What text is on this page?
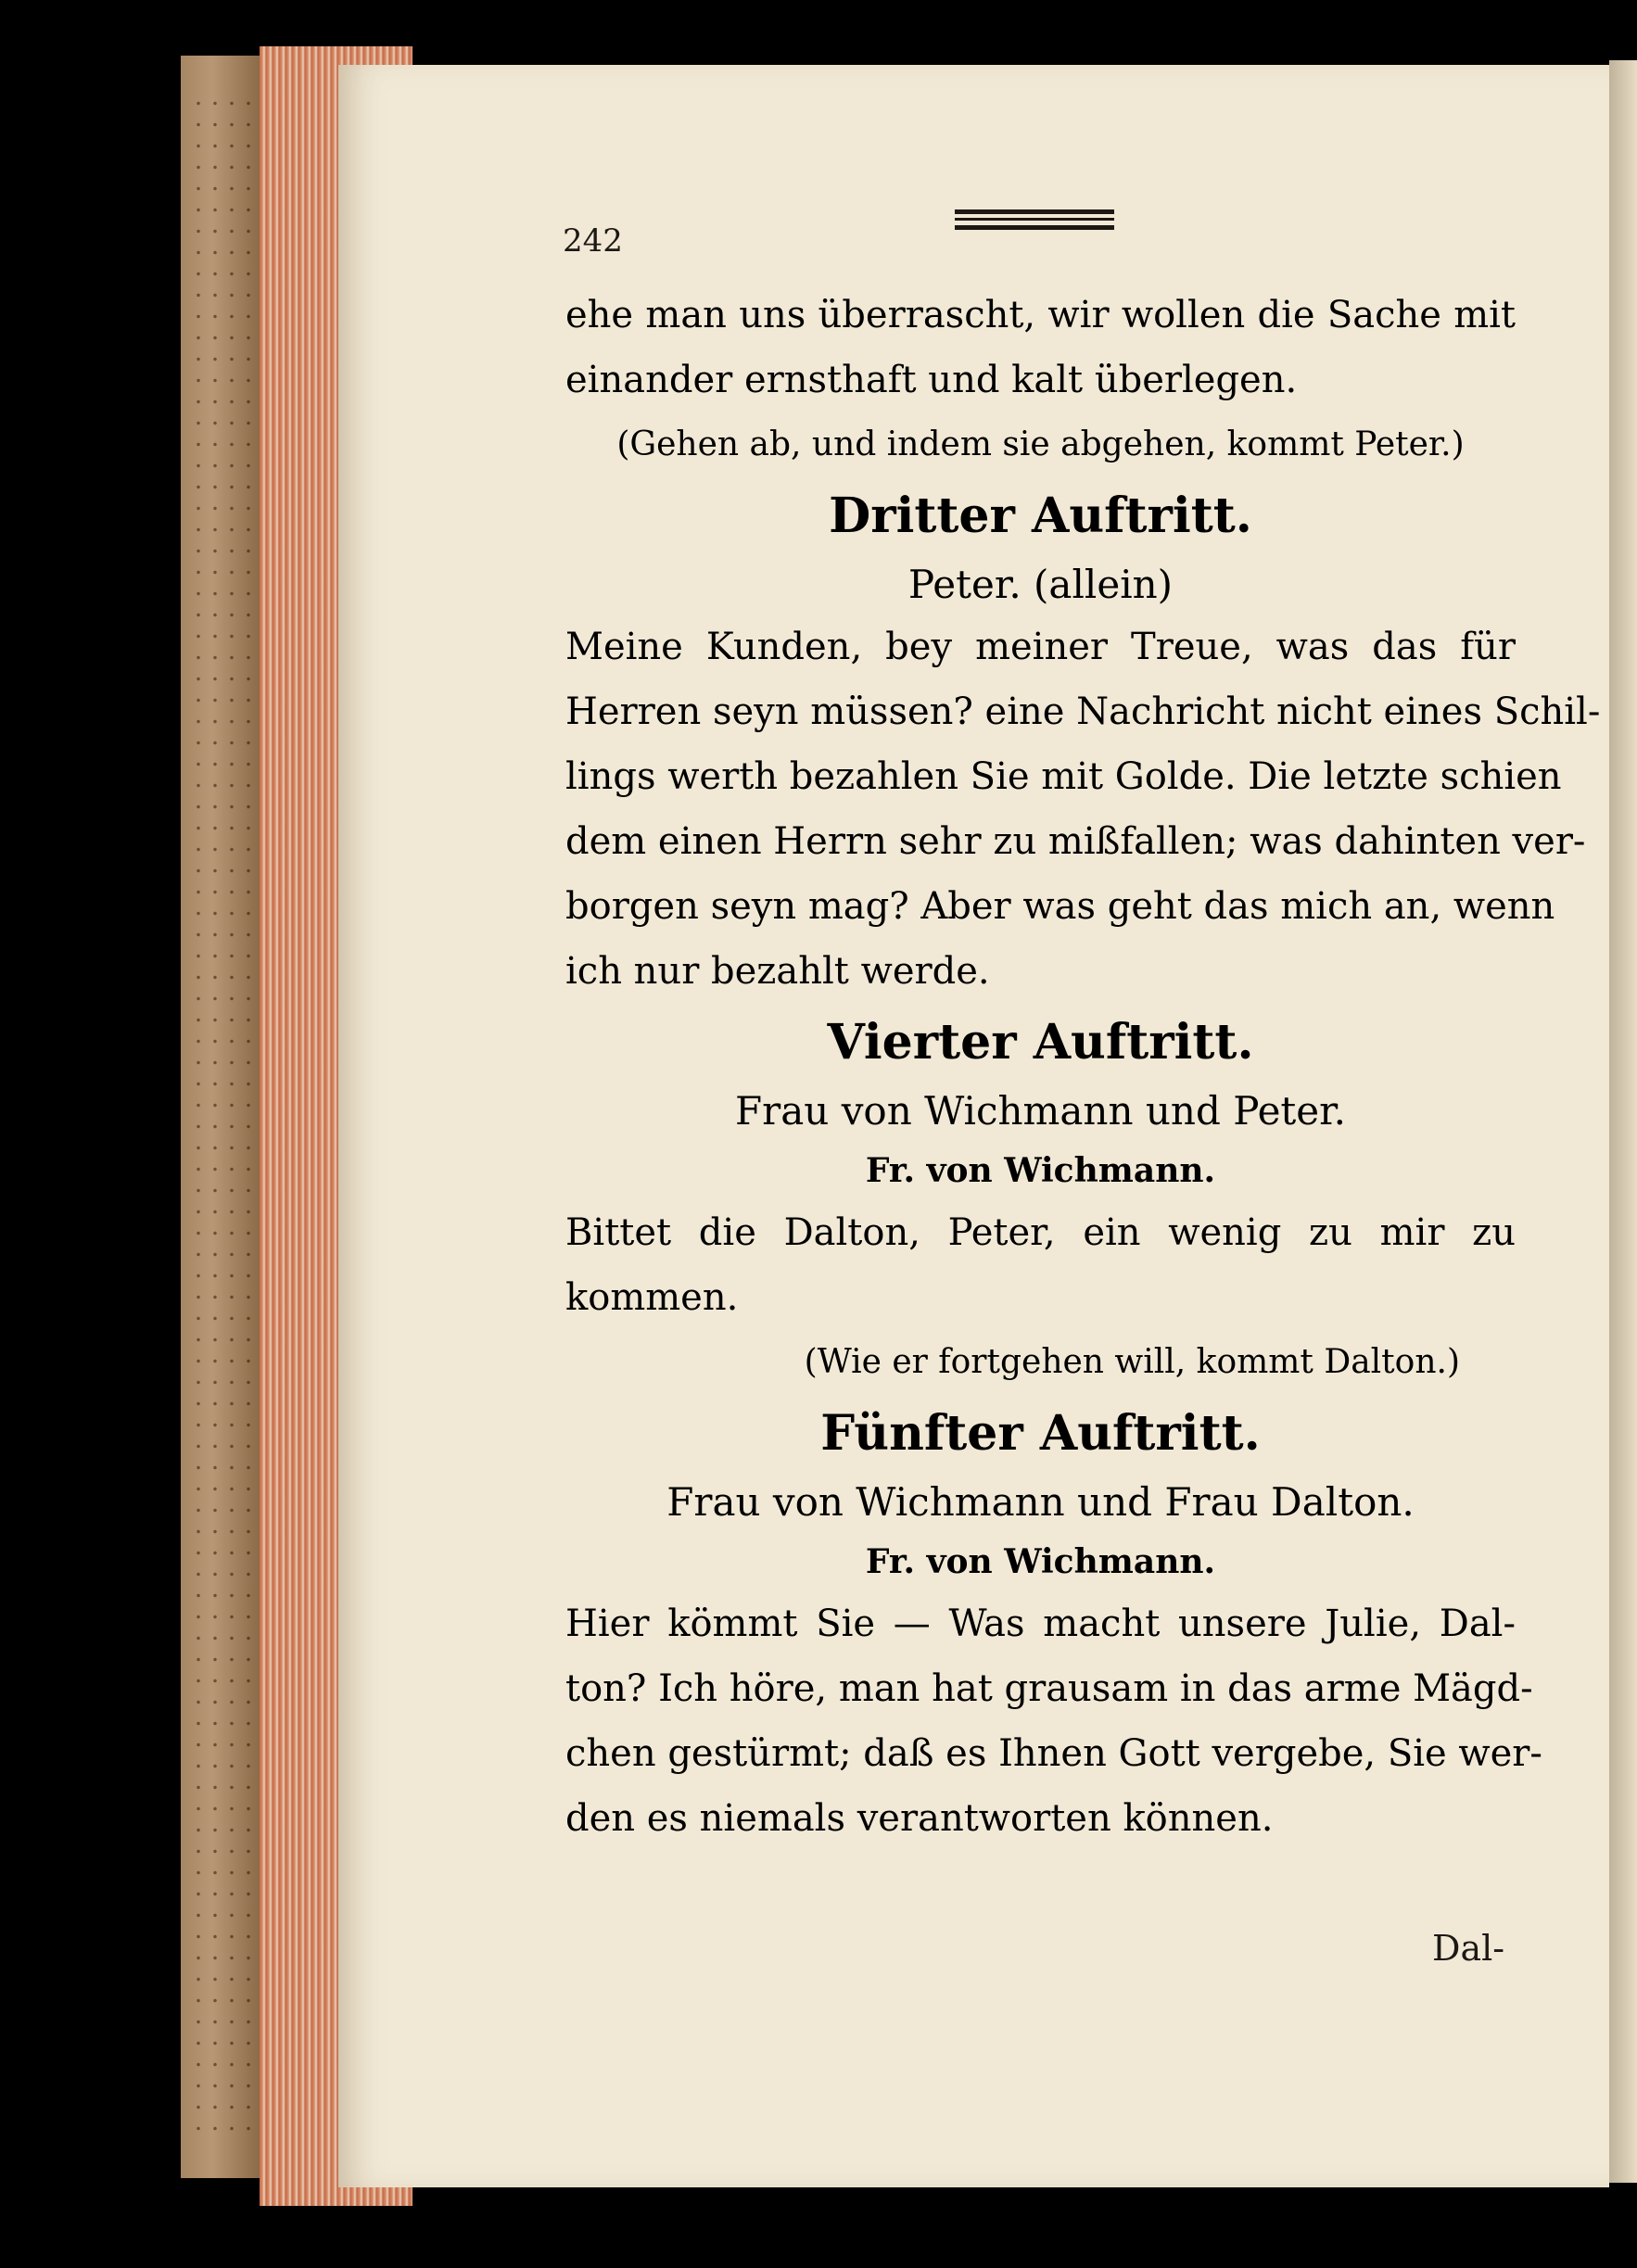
242

ehe man uns überrascht, wir wollen die Sache mit

einander ernsthaft und kalt überlegen.

(Gehen ab, und indem sie abgehen, kommt Peter.)

Dritter Auftritt.

Peter. (allein)

Meine Kunden, bey meiner Treue, was das für

Herren seyn müssen? eine Nachricht nicht eines Schil-

lings werth bezahlen Sie mit Golde. Die letzte schien

dem einen Herrn sehr zu mißfallen; was dahinten ver-

borgen seyn mag? Aber was geht das mich an, wenn

ich nur bezahlt werde.

Vierter Auftritt.

Frau von Wichmann und Peter.

Fr. von Wichmann.

Bittet die Dalton, Peter, ein wenig zu mir zu

kommen.

(Wie er fortgehen will, kommt Dalton.)

Fünfter Auftritt.

Frau von Wichmann und Frau Dalton.

Fr. von Wichmann.

Hier kömmt Sie — Was macht unsere Julie, Dal-

ton? Ich höre, man hat grausam in das arme Mägd-

chen gestürmt; daß es Ihnen Gott vergebe, Sie wer-

den es niemals verantworten können.

Dal-
